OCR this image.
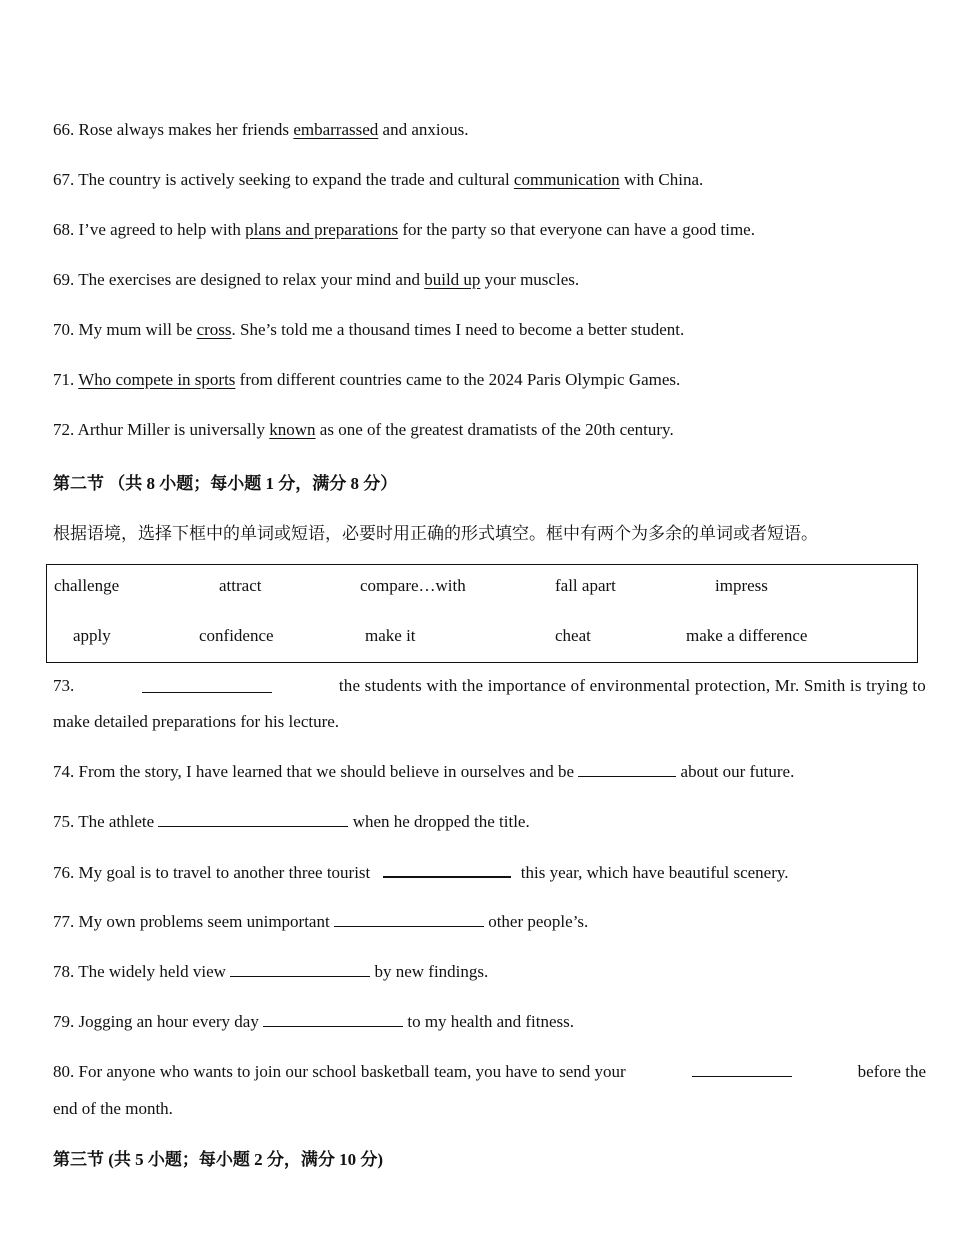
66. Rose always makes her friends embarrassed and anxious.
67. The country is actively seeking to expand the trade and cultural communication with China.
68. I’ve agreed to help with plans and preparations for the party so that everyone can have a good time.
69. The exercises are designed to relax your mind and build up your muscles.
70. My mum will be cross. She’s told me a thousand times I need to become a better student.
71. Who compete in sports from different countries came to the 2024 Paris Olympic Games.
72. Arthur Miller is universally known as one of the greatest dramatists of the 20th century.
第二节 （共 8 小题；每小题 1 分，满分 8 分）
根据语境，选择下框中的单词或短语，必要时用正确的形式填空。框中有两个为多余的单词或者短语。
challenge	attract	compare…with	fall apart	impress
apply	confidence	make it	cheat	make a difference
73.	the students with the importance of environmental protection, Mr. Smith is trying to
make detailed preparations for his lecture.
74. From the story, I have learned that we should believe in ourselves and be	about our future.
75. The athlete	when he dropped the title.
76. My goal is to travel to another three tourist	this year, which have beautiful scenery.
77. My own problems seem unimportant	other people’s.
78. The widely held view	by new findings.
79. Jogging an hour every day	to my health and fitness.
80. For anyone who wants to join our school basketball team, you have to send your	before the
end of the month.
第三节 (共 5 小题；每小题 2 分，满分 10 分)
